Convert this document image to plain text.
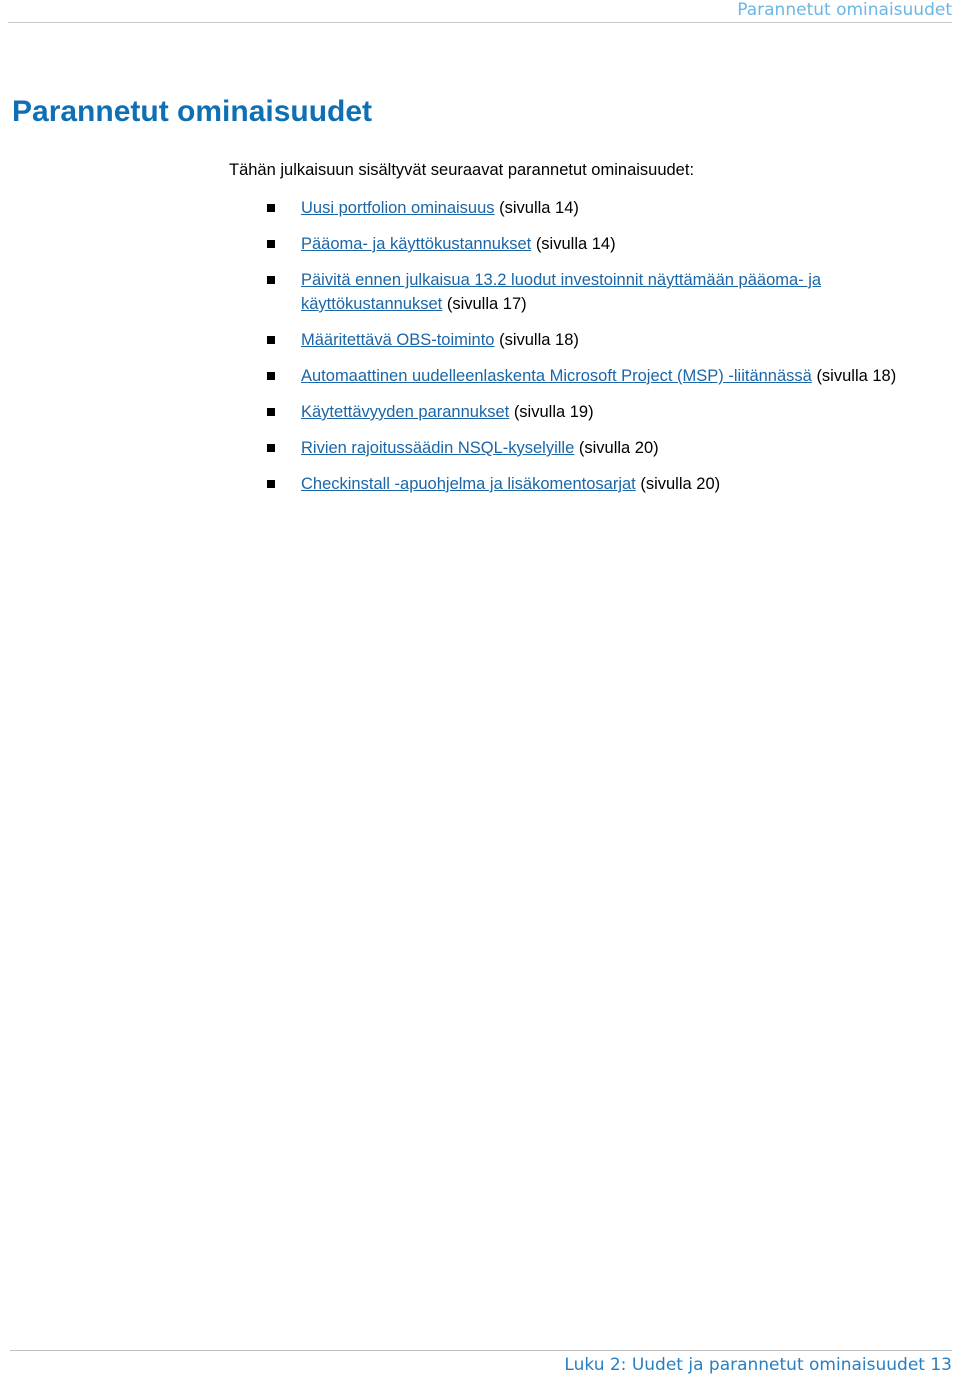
Parannetut ominaisuudet
Parannetut ominaisuudet

Tähän julkaisuun sisältyvät seuraavat parannetut ominaisuudet:

Uusi portfolion ominaisuus (sivulla 14)
Pääoma- ja käyttökustannukset (sivulla 14)
Päivitä ennen julkaisua 13.2 luodut investoinnit näyttämään pääoma- ja käyttökustannukset (sivulla 17)
Määritettävä OBS-toiminto (sivulla 18)
Automaattinen uudelleenlaskenta Microsoft Project (MSP) -liitännässä (sivulla 18)
Käytettävyyden parannukset (sivulla 19)
Rivien rajoitussäädin NSQL-kyselyille (sivulla 20)
Checkinstall -apuohjelma ja lisäkomentosarjat (sivulla 20)
Luku 2: Uudet ja parannetut ominaisuudet 13
